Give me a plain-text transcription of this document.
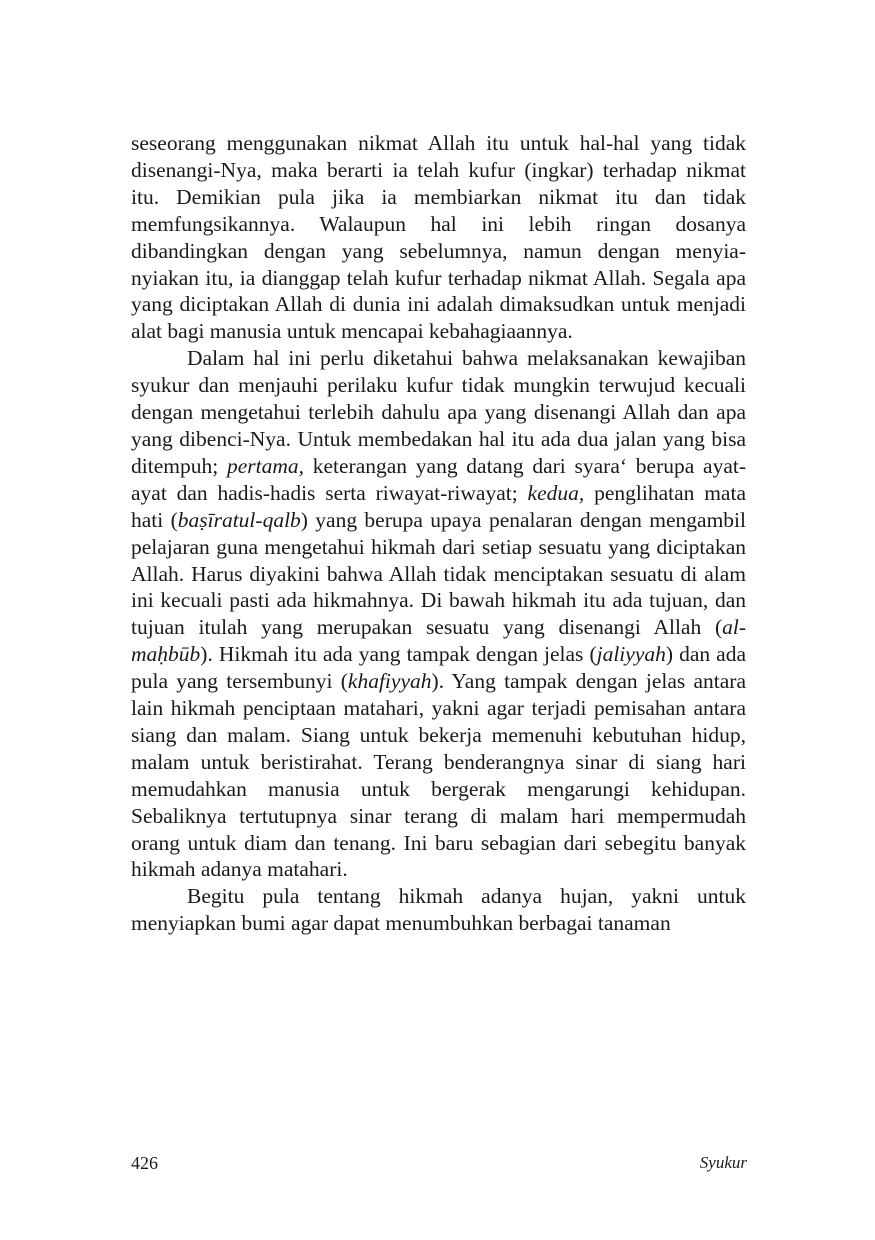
seseorang menggunakan nikmat Allah itu untuk hal-hal yang tidak disenangi-Nya, maka berarti ia telah kufur (ingkar) terhadap nikmat itu. Demikian pula jika ia membiarkan nikmat itu dan tidak memfungsikannya. Walaupun hal ini lebih ringan dosanya dibandingkan dengan yang sebelumnya, namun dengan menyia-nyiakan itu, ia dianggap telah kufur terhadap nikmat Allah. Segala apa yang diciptakan Allah di dunia ini adalah dimaksudkan untuk menjadi alat bagi manusia untuk mencapai kebahagiaannya.

Dalam hal ini perlu diketahui bahwa melaksanakan kewajiban syukur dan menjauhi perilaku kufur tidak mungkin terwujud kecuali dengan mengetahui terlebih dahulu apa yang disenangi Allah dan apa yang dibenci-Nya. Untuk membedakan hal itu ada dua jalan yang bisa ditempuh; pertama, keterangan yang datang dari syara‘ berupa ayat-ayat dan hadis-hadis serta riwayat-riwayat; kedua, penglihatan mata hati (baṣīratul-qalb) yang berupa upaya penalaran dengan mengambil pelajaran guna mengetahui hikmah dari setiap sesuatu yang diciptakan Allah. Harus diyakini bahwa Allah tidak menciptakan sesuatu di alam ini kecuali pasti ada hikmahnya. Di bawah hikmah itu ada tujuan, dan tujuan itulah yang merupakan sesuatu yang disenangi Allah (al-maḥbūb). Hikmah itu ada yang tampak dengan jelas (jaliyyah) dan ada pula yang tersembunyi (khafiyyah). Yang tampak dengan jelas antara lain hikmah penciptaan matahari, yakni agar terjadi pemisahan antara siang dan malam. Siang untuk bekerja memenuhi kebutuhan hidup, malam untuk beristirahat. Terang benderangnya sinar di siang hari memudahkan manusia untuk bergerak mengarungi kehidupan. Sebaliknya tertutupnya sinar terang di malam hari mempermudah orang untuk diam dan tenang. Ini baru sebagian dari sebegitu banyak hikmah adanya matahari.

Begitu pula tentang hikmah adanya hujan, yakni untuk menyiapkan bumi agar dapat menumbuhkan berbagai tanaman

426	Syukur
